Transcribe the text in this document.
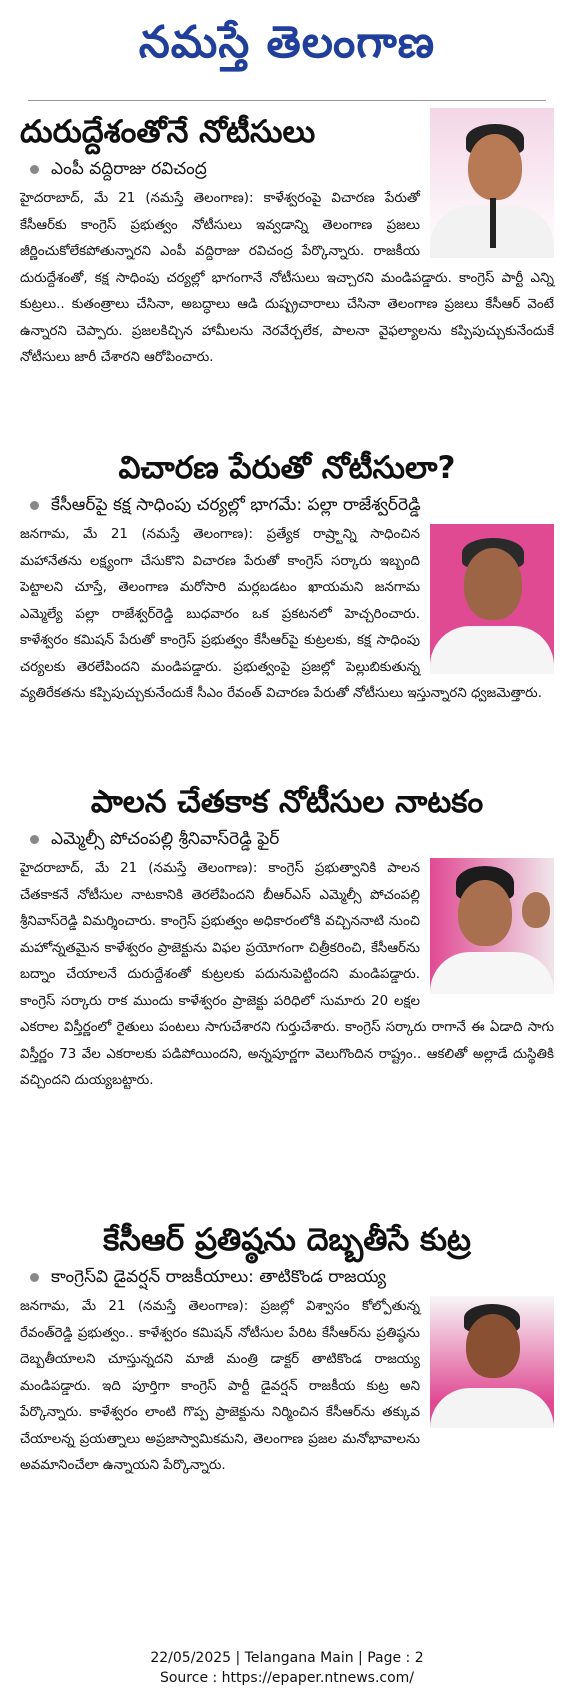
నమస్తే తెలంగాణ
దురుద్దేశంతోనే నోటీసులు
ఎంపీ వద్దిరాజు రవిచంద్ర
హైదరాబాద్, మే 21 (నమస్తే తెలంగాణ): కాళేశ్వరంపై విచారణ పేరుతో కేసీఆర్‌కు కాంగ్రెస్ ప్రభుత్వం నోటీసులు ఇవ్వడాన్ని తెలంగాణ ప్రజలు జీర్ణించుకోలేకపోతున్నారని ఎంపీ వద్దిరాజు రవిచంద్ర పేర్కొన్నారు. రాజకీయ దురుద్దేశంతో, కక్ష సాధింపు చర్యల్లో భాగంగానే నోటీసులు ఇచ్చారని మండిపడ్డారు. కాంగ్రెస్ పార్టీ ఎన్ని కుట్రలు.. కుతంత్రాలు చేసినా, అబద్ధాలు ఆడి దుష్ప్రచారాలు చేసినా తెలంగాణ ప్రజలు కేసీఆర్ వెంటే ఉన్నారని చెప్పారు. ప్రజలకిచ్చిన హామీలను నెరవేర్చలేక, పాలనా వైఫల్యాలను కప్పిపుచ్చుకునేందుకే నోటీసులు జారీ చేశారని ఆరోపించారు.
విచారణ పేరుతో నోటీసులా?
కేసీఆర్‌పై కక్ష సాధింపు చర్యల్లో భాగమే: పల్లా రాజేశ్వర్‌రెడ్డి
జనగామ, మే 21 (నమస్తే తెలంగాణ): ప్రత్యేక రాష్ర్టాన్ని సాధించిన మహానేతను లక్ష్యంగా చేసుకొని విచారణ పేరుతో కాంగ్రెస్ సర్కారు ఇబ్బంది పెట్టాలని చూస్తే, తెలంగాణ మరోసారి మర్లబడటం ఖాయమని జనగామ ఎమ్మెల్యే పల్లా రాజేశ్వర్‌రెడ్డి బుధవారం ఒక ప్రకటనలో హెచ్చరించారు. కాళేశ్వరం కమిషన్ పేరుతో కాంగ్రెస్ ప్రభుత్వం కేసీఆర్‌పై కుట్రలకు, కక్ష సాధింపు చర్యలకు తెరలేపిందని మండిపడ్డారు. ప్రభుత్వంపై ప్రజల్లో పెల్లుబికుతున్న వ్యతిరేకతను కప్పిపుచ్చుకునేందుకే సీఎం రేవంత్ విచారణ పేరుతో నోటీసులు ఇస్తున్నారని ధ్వజమెత్తారు.
పాలన చేతకాక నోటీసుల నాటకం
ఎమ్మెల్సీ పోచంపల్లి శ్రీనివాస్‌రెడ్డి ఫైర్
హైదరాబాద్, మే 21 (నమస్తే తెలంగాణ): కాంగ్రెస్ ప్రభుత్వానికి పాలన చేతకాకనే నోటీసుల నాటకానికి తెరలేపిందని బీఆర్‌ఎస్ ఎమ్మెల్సీ పోచంపల్లి శ్రీనివాస్‌రెడ్డి విమర్శించారు. కాంగ్రెస్ ప్రభుత్వం అధికారంలోకి వచ్చిననాటి నుంచి మహోన్నతమైన కాళేశ్వరం ప్రాజెక్టును విఫల ప్రయోగంగా చిత్రీకరించి, కేసీఆర్‌ను బద్నాం చేయాలనే దురుద్దేశంతో కుట్రలకు పదునుపెట్టిందని మండిపడ్డారు. కాంగ్రెస్ సర్కారు రాక ముందు కాళేశ్వరం ప్రాజెక్టు పరిధిలో సుమారు 20 లక్షల ఎకరాల విస్తీర్ణంలో రైతులు పంటలు సాగుచేశారని గుర్తుచేశారు. కాంగ్రెస్ సర్కారు రాగానే ఈ ఏడాది సాగు విస్తీర్ణం 73 వేల ఎకరాలకు పడిపోయిందని, అన్నపూర్ణగా వెలుగొందిన రాష్ట్రం.. ఆకలితో అల్లాడే దుస్థితికి వచ్చిందని దుయ్యబట్టారు.
కేసీఆర్ ప్రతిష్ఠను దెబ్బతీసే కుట్ర
కాంగ్రెస్‌వి డైవర్షన్ రాజకీయాలు: తాటికొండ రాజయ్య
జనగామ, మే 21 (నమస్తే తెలంగాణ): ప్రజల్లో విశ్వాసం కోల్పోతున్న రేవంత్‌రెడ్డి ప్రభుత్వం.. కాళేశ్వరం కమిషన్ నోటీసుల పేరిట కేసీఆర్‌ను ప్రతిష్ఠను దెబ్బతీయాలని చూస్తున్నదని మాజీ మంత్రి డాక్టర్ తాటికొండ రాజయ్య మండిపడ్డారు. ఇది పూర్తిగా కాంగ్రెస్ పార్టీ డైవర్షన్ రాజకీయ కుట్ర అని పేర్కొన్నారు. కాళేశ్వరం లాంటి గొప్ప ప్రాజెక్టును నిర్మించిన కేసీఆర్‌ను తక్కువ చేయాలన్న ప్రయత్నాలు అప్రజాస్వామికమని, తెలంగాణ ప్రజల మనోభావాలను అవమానించేలా ఉన్నాయని పేర్కొన్నారు.
22/05/2025 | Telangana Main | Page : 2
Source : https://epaper.ntnews.com/
